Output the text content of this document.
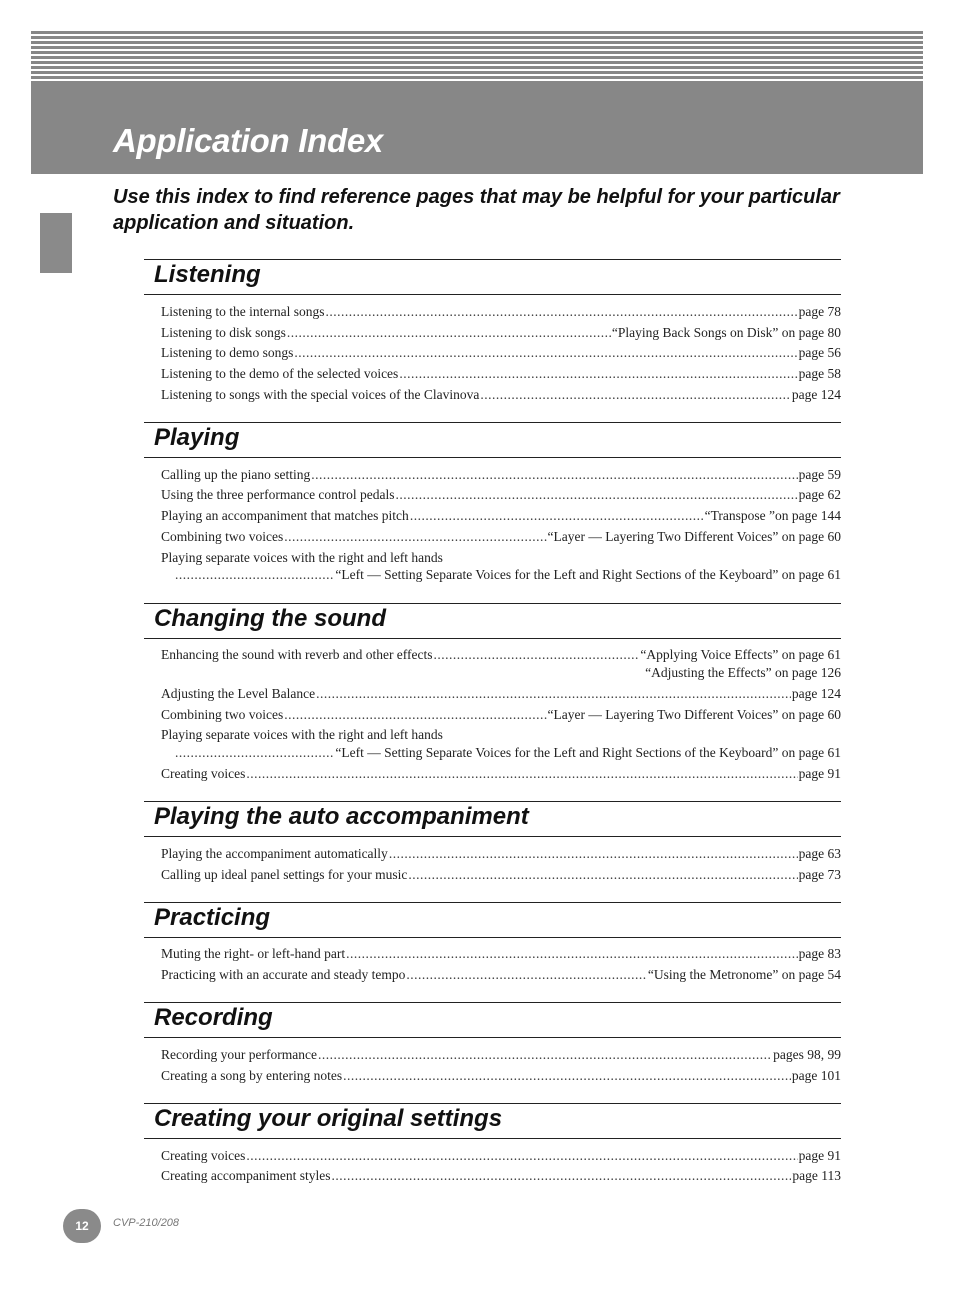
Application Index

Use this index to find reference pages that may be helpful for your particular application and situation.

Listening
Listening to the internal songs .....	page 78
Listening to disk songs .....	“Playing Back Songs on Disk” on page 80
Listening to demo songs .....	page 56
Listening to the demo of the selected voices .....	page 58
Listening to songs with the special voices of the Clavinova .....	page 124
Playing
Calling up the piano setting .....	page 59
Using the three performance control pedals .....	page 62
Playing an accompaniment that matches pitch .....	“Transpose ”on page 144
Combining two voices .....	“Layer — Layering Two Different Voices” on page 60
Playing separate voices with the right and left hands
.....
“Left — Setting Separate Voices for the Left and Right Sections of the Keyboard” on page 61
Changing the sound
Enhancing the sound with reverb and other effects .....	“Applying Voice Effects” on page 61
“Adjusting the Effects” on page 126
Adjusting the Level Balance .....	page 124
Combining two voices .....	“Layer — Layering Two Different Voices” on page 60
Playing separate voices with the right and left hands
.....
“Left — Setting Separate Voices for the Left and Right Sections of the Keyboard” on page 61
Creating voices .....	page 91
Playing the auto accompaniment
Playing the accompaniment automatically .....	page 63
Calling up ideal panel settings for your music .....	page 73
Practicing
Muting the right- or left-hand part .....	page 83
Practicing with an accurate and steady tempo .....	“Using the Metronome” on page 54
Recording
Recording your performance .....	pages 98, 99
Creating a song by entering notes .....	page 101
Creating your original settings
Creating voices .....	page 91
Creating accompaniment styles .....	page 113
12	CVP-210/208
